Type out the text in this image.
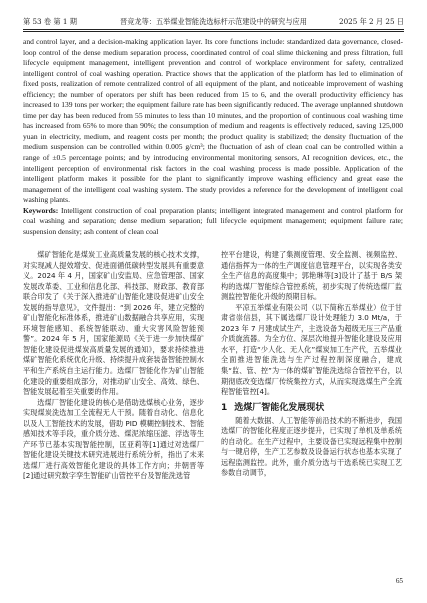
第 53 卷 第 1 期	晋竞龙等：五举煤业智能洗选标杆示范建设中的研究与应用	2025 年 2 月 25 日

and control layer, and a decision-making application layer. Its core functions include: standardized data governance, closed-loop control of the dense medium separation process, coordinated control of coal slime thickening and press filtration, full lifecycle equipment management, intelligent prevention and control of workplace environment for safety, centralized intelligent control of coal washing operation. Practice shows that the application of the platform has led to elimination of fixed posts, realization of remote centralized control of all equipment of the plant, and noticeable improvement of washing efficiency; the number of operators per shift has been reduced from 15 to 6, and the overall productivity efficiency has increased to 139 tons per worker; the equipment failure rate has been significantly reduced. The average unplanned shutdown time per day has been reduced from 55 minutes to less than 10 minutes, and the proportion of continuous coal washing time has increased from 65% to more than 90%; the consumption of medium and reagents is effectively reduced, saving 125,000 yuan in electricity, medium, and reagent costs per month; the product quality is stabilized; the density fluctuation of the medium suspension can be controlled within 0.005 g/cm³; the fluctuation of ash of clean coal can be controlled within a range of ±0.5 percentage points; and by introducing environmental monitoring sensors, AI recognition devices, etc., the intelligent perception of environmental risk factors in the coal washing process is made possible. Application of the intelligent platform makes it possible for the plant to significantly improve washing efficiency and great ease the management of the intelligent coal washing system. The study provides a reference for the development of intelligent coal washing plants.

Keywords: Intelligent construction of coal preparation plants; intelligent integrated management and control platform for coal washing and separation; dense medium separation; full lifecycle equipment management; equipment failure rate; suspension density; ash content of clean coal

煤矿智能化是煤炭工业高质量发展的核心技术支撑，对实现减人提效增安、促进面循低碳转型发展具有重要意义。2024 年 4 月，国家矿山安监局、应急管理部、国家发展改革委、工业和信息化部、科技部、财政部、教育部联合印发了《关于深入推进矿山智能化建设促进矿山安全发展的指导意见》，文件提出：“到 2026 年，建立完整的矿山智能化标准体系，推进矿山数据融合共享应用，实现环境智能感知、系统智能联动、重大灾害风险智能预警”。2024 年 5 月，国家能源局《关于进一步加快煤矿智能化建设促进煤炭高质量发展的通知》，要求持续推进煤矿智能化系统优化升级、持续提升成套装备智能控制水平和生产系统自主运行能力。选煤厂智能化作为矿山智能化建设的重要组成部分，对推动矿山安全、高效、绿色、智能发展起着至关重要的作用。

选煤厂智能化建设的核心是借助选煤核心业务，逐步实现煤炭洗选加工全流程无人干预。随着自动化、信息化以及人工智能技术的发展，借助 PID 模糊控制技术、智能感知技术等手段，重介质分选、煤泥浓缩压滤、浮选等生产环节已基本实现智能控制，匡亚莉等[1]通过对选煤厂智能化建设关键技术研究进展进行系统分析，指出了未来选煤厂进行高效智能化建设的具体工作方向；井朝晋等[2]通过研究数字孪生智能矿山管控平台及智能洗选管

控平台建设，构建了集测度管理、安全监测、视频监控、通信指挥为一体的生产调度信息管理平台，以实现各类安全生产信息的高度集中；郭艳琳等[3]设计了基于 B/S 架构的选煤厂智能综合管控系统，初步实现了传统选煤厂监测监控智能化升级的预期目标。

平凉五举煤业有限公司（以下简称五举煤业）位于甘肃省崇信县，其下属选煤厂设计处理能力 3.0 Mt/a，于 2023 年 7 月建成试生产，主选设备为超级无压三产品重介质旋流器。为全方位、深层次地提升智能化建设及应用水平，打造“少人化、无人化”煤炭加工生产代，五举煤业全面推进智能洗选与生产过程控制深度融合，建成集“监、管、控”为一体的煤矿智能洗选综合管控平台，以期彻底改变选煤厂传统集控方式，从而实现选煤生产全流程智能管控[4]。

1 选煤厂智能化发展现状

随着大数据、人工智能等前沿技术的不断进步，我国选煤厂的智能化程度正逐步提升，已实现了单机及单系统的自动化。在生产过程中，主要设备已实现远程集中控制与一键启停，生产工艺参数及设备运行状态也基本实现了远程监测监控。此外，重介质分选与干选系统已实现工艺参数自动调节，

65
